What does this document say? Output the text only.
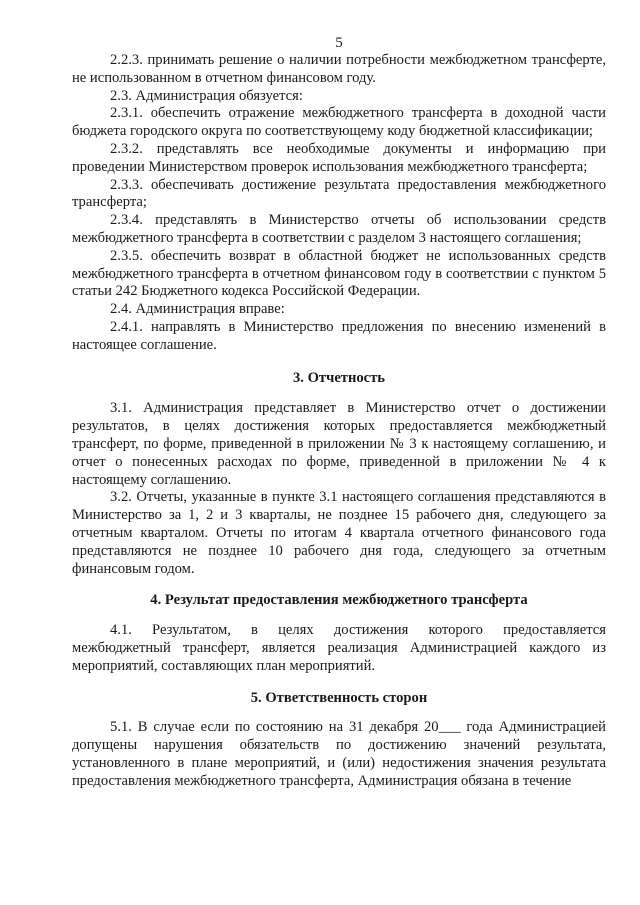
5

2.2.3. принимать решение о наличии потребности межбюджетном трансферте, не использованном в отчетном финансовом году.

2.3. Администрация обязуется:

2.3.1. обеспечить отражение межбюджетного трансферта в доходной части бюджета городского округа по соответствующему коду бюджетной классификации;

2.3.2. представлять все необходимые документы и информацию при проведении Министерством проверок использования межбюджетного трансферта;

2.3.3. обеспечивать достижение результата предоставления межбюджетного трансферта;

2.3.4. представлять в Министерство отчеты об использовании средств межбюджетного трансферта в соответствии с разделом 3 настоящего соглашения;

2.3.5. обеспечить возврат в областной бюджет не использованных средств межбюджетного трансферта в отчетном финансовом году в соответствии с пунктом 5 статьи 242 Бюджетного кодекса Российской Федерации.

2.4. Администрация вправе:

2.4.1. направлять в Министерство предложения по внесению изменений в настоящее соглашение.

3. Отчетность

3.1. Администрация представляет в Министерство отчет о достижении результатов, в целях достижения которых предоставляется межбюджетный трансферт, по форме, приведенной в приложении № 3 к настоящему соглашению, и отчет о понесенных расходах по форме, приведенной в приложении № 4 к настоящему соглашению.

3.2. Отчеты, указанные в пункте 3.1 настоящего соглашения представляются в Министерство за 1, 2 и 3 кварталы, не позднее 15 рабочего дня, следующего за отчетным кварталом. Отчеты по итогам 4 квартала отчетного финансового года представляются не позднее 10 рабочего дня года, следующего за отчетным финансовым годом.

4. Результат предоставления межбюджетного трансферта

4.1. Результатом, в целях достижения которого предоставляется межбюджетный трансферт, является реализация Администрацией каждого из мероприятий, составляющих план мероприятий.

5. Ответственность сторон

5.1. В случае если по состоянию на 31 декабря 20___ года Администрацией допущены нарушения обязательств по достижению значений результата, установленного в плане мероприятий, и (или) недостижения значения результата предоставления межбюджетного трансферта, Администрация обязана в течение
